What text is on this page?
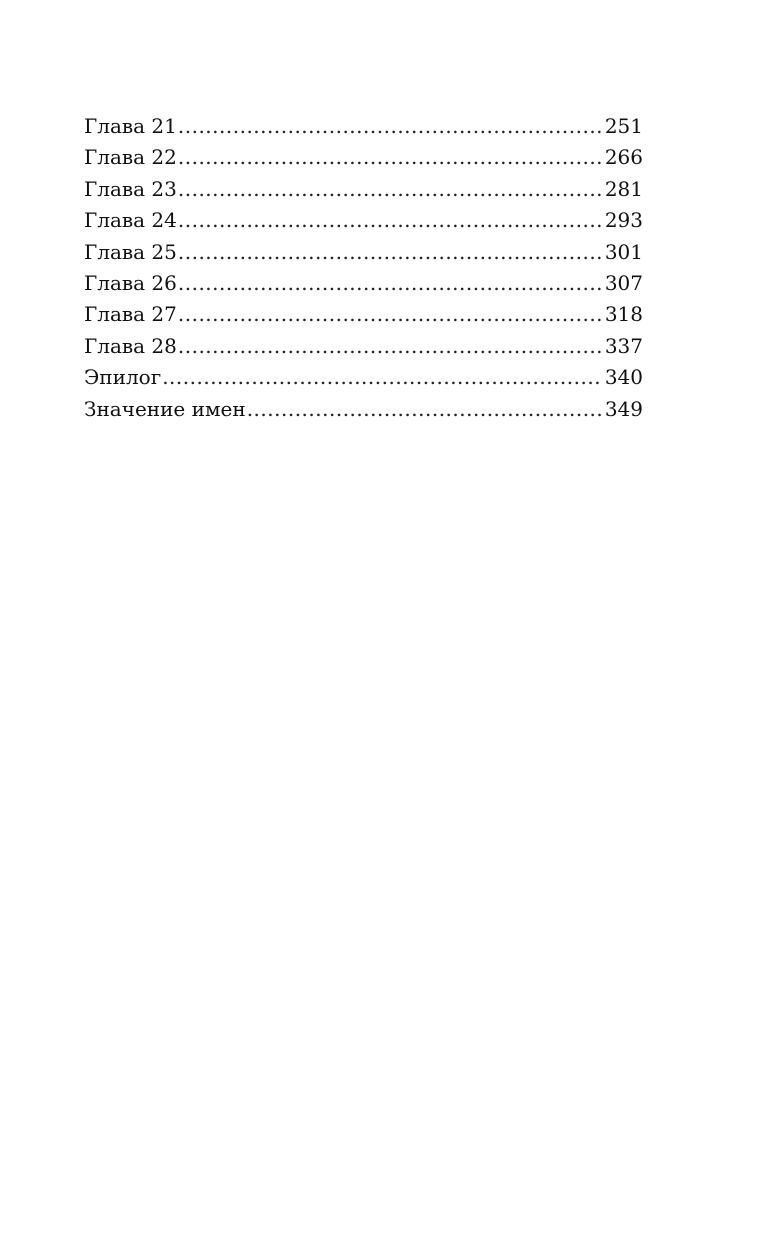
Глава 21 .....	251
Глава 22 .....	266
Глава 23 .....	281
Глава 24 .....	293
Глава 25 .....	301
Глава 26 .....	307
Глава 27 .....	318
Глава 28 .....	337
Эпилог .....	340
Значение имен .....	349
